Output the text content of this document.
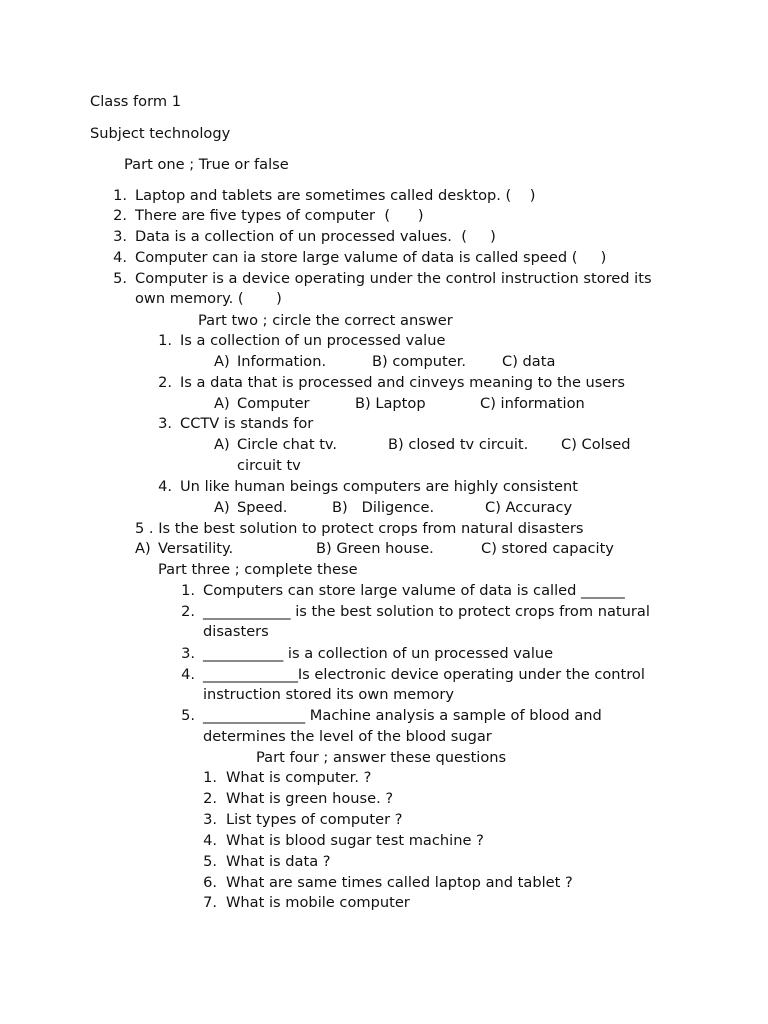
Class form 1
Subject technology
Part one ; True or false
1. Laptop and tablets are sometimes called desktop. (    )
2. There are five types of computer  (      )
3. Data is a collection of un processed values.  (     )
4. Computer can ia store large valume of data is called speed (     )
5. Computer is a device operating under the control instruction stored its
own memory. (       )
Part two ; circle the correct answer
1. Is a collection of un processed value
A) Information.	B) computer. C) data
2. Is a data that is processed and cinveys meaning to the users
A) Computer	B) Laptop	C) information
3. CCTV is stands for
A) Circle chat tv.	B) closed tv circuit. C) Colsed
circuit tv
4. Un like human beings computers are highly consistent
A) Speed.	B)   Diligence.	C) Accuracy
5 . Is the best solution to protect crops from natural disasters
A) Versatility.	B) Green house.	C) stored capacity
Part three ; complete these
1. Computers can store large valume of data is called ______
2. ____________ is the best solution to protect crops from natural
disasters
3. ___________ is a collection of un processed value
4. _____________Is electronic device operating under the control
instruction stored its own memory
5. ______________ Machine analysis a sample of blood and
determines the level of the blood sugar
Part four ; answer these questions
1. What is computer. ?
2. What is green house. ?
3. List types of computer ?
4. What is blood sugar test machine ?
5. What is data ?
6. What are same times called laptop and tablet ?
7. What is mobile computer
